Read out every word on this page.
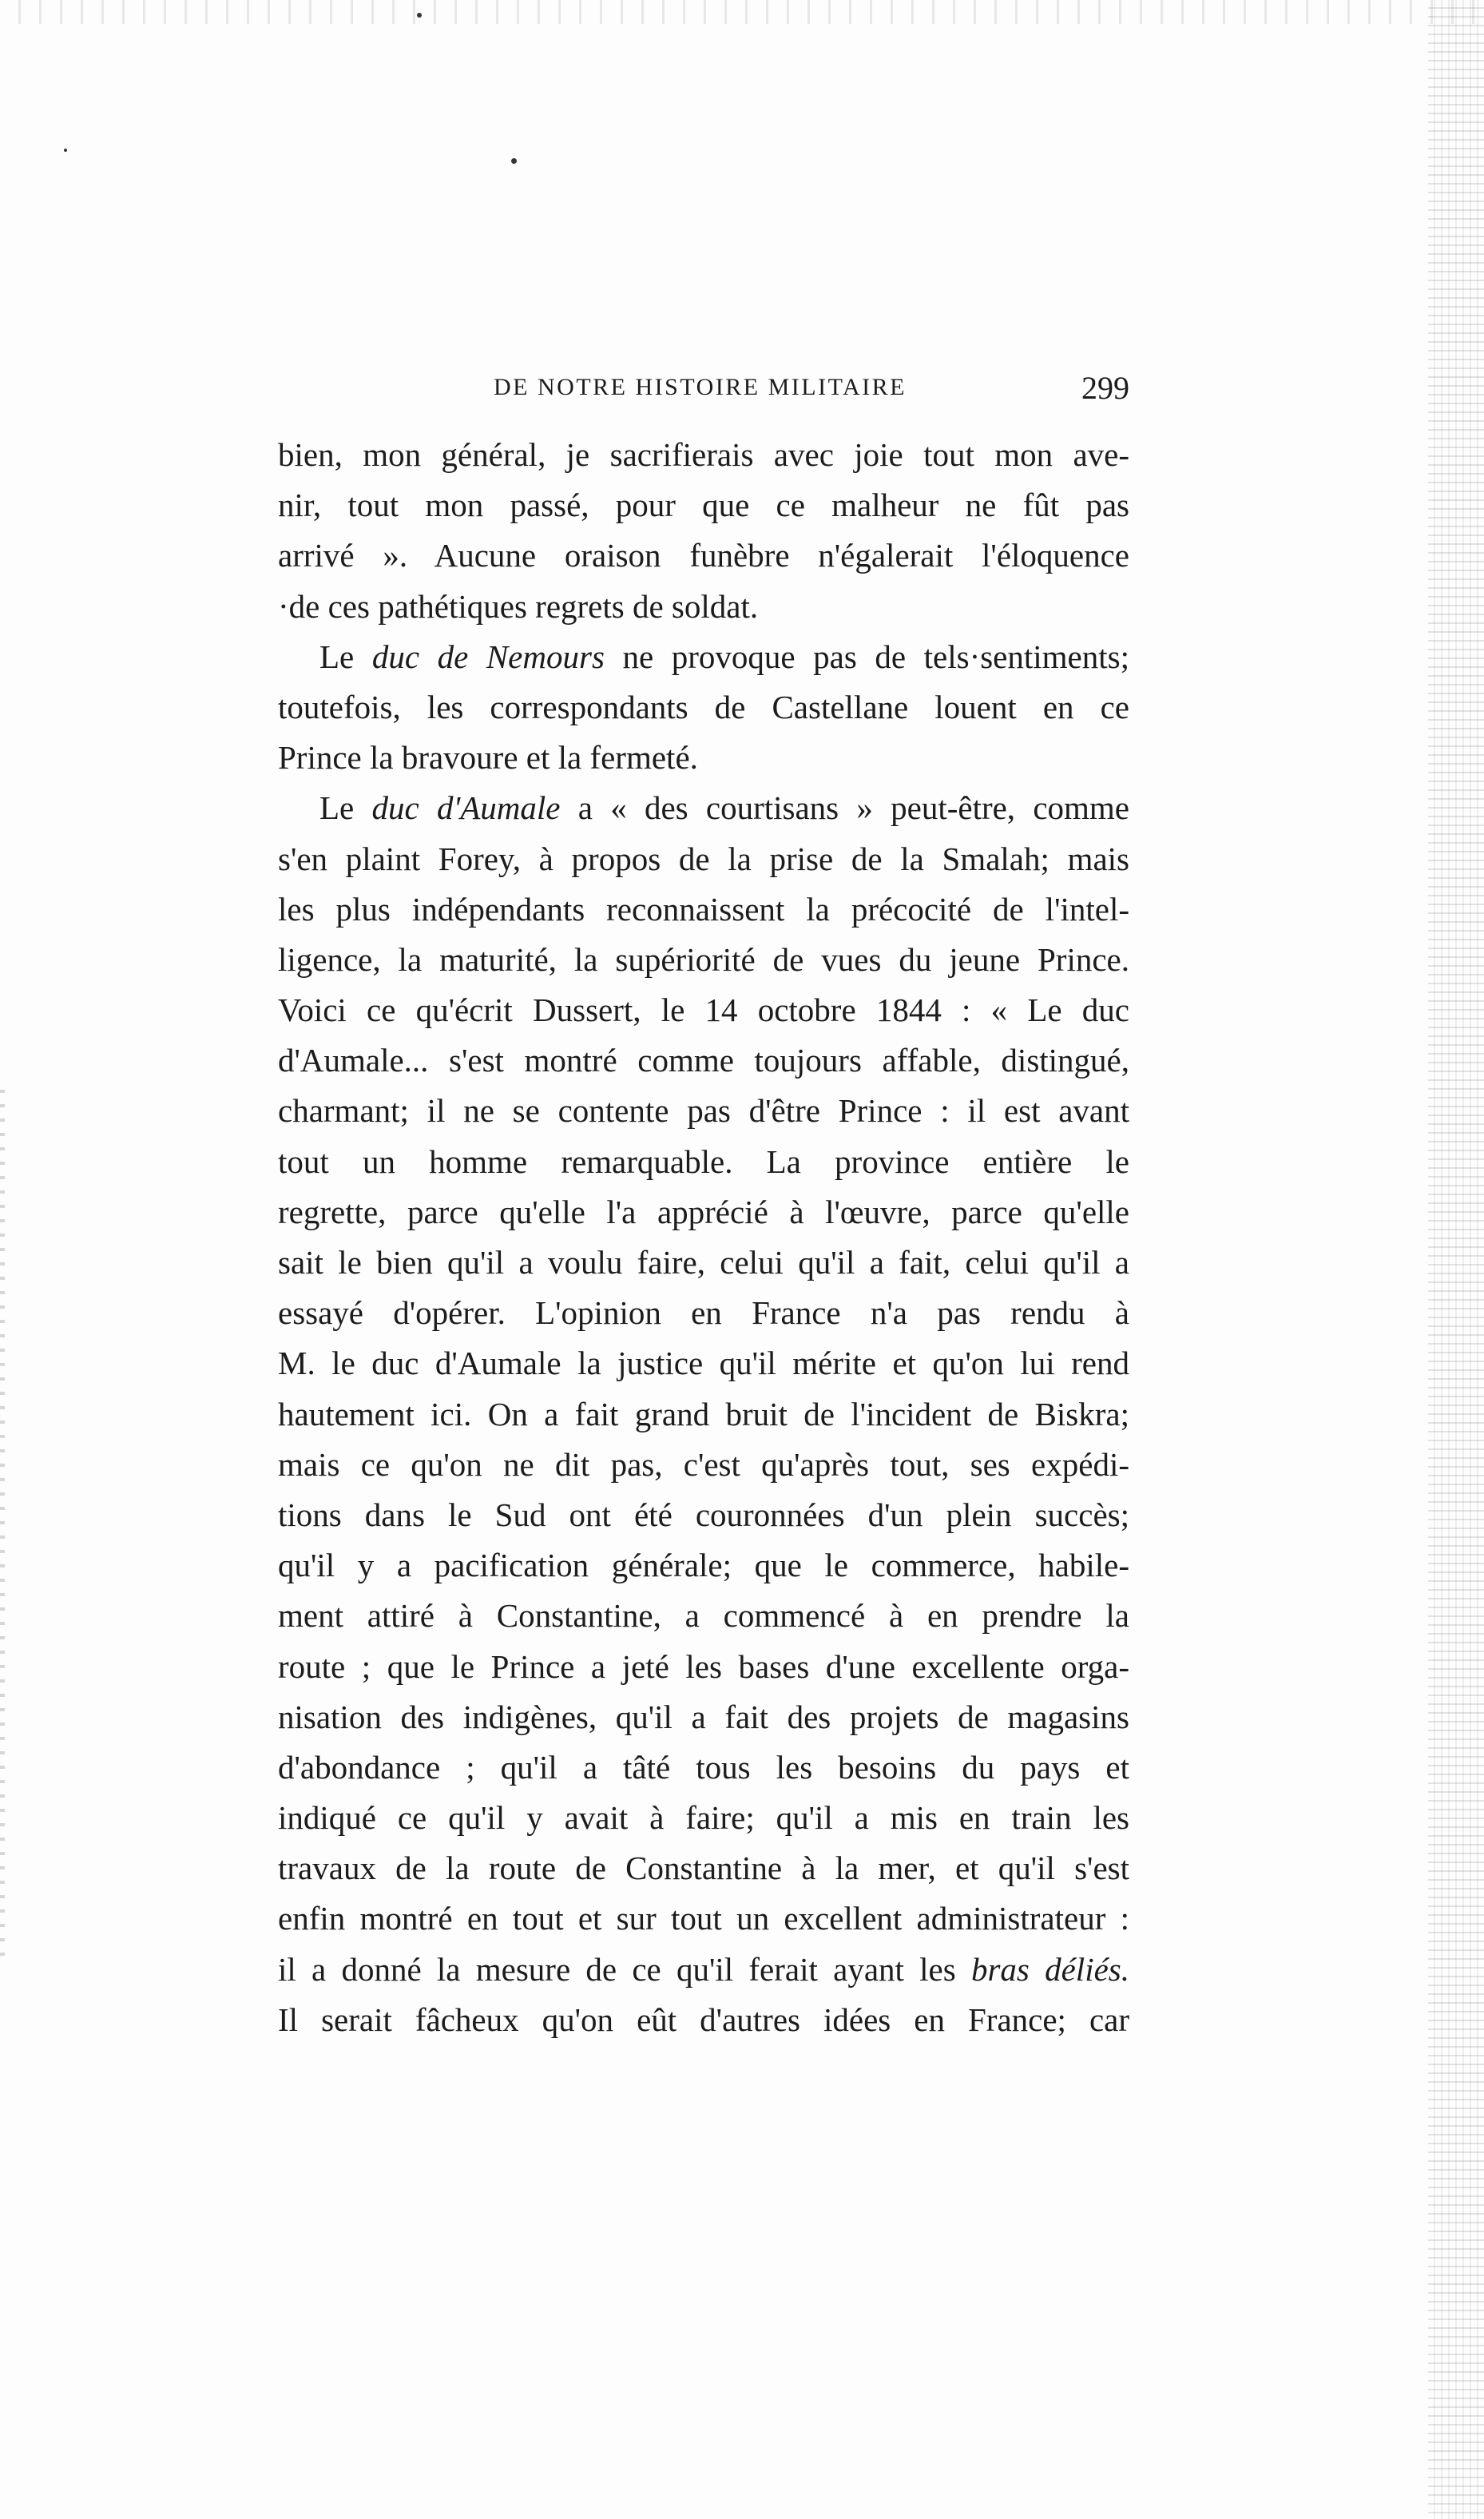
DE NOTRE HISTOIRE MILITAIRE	299
bien, mon général, je sacrifierais avec joie tout mon ave-
nir, tout mon passé, pour que ce malheur ne fût pas
arrivé ». Aucune oraison funèbre n'égalerait l'éloquence
·de ces pathétiques regrets de soldat.
Le duc de Nemours ne provoque pas de tels·sentiments;
toutefois, les correspondants de Castellane louent en ce
Prince la bravoure et la fermeté.
Le duc d'Aumale a « des courtisans » peut-être, comme
s'en plaint Forey, à propos de la prise de la Smalah; mais
les plus indépendants reconnaissent la précocité de l'intel-
ligence, la maturité, la supériorité de vues du jeune Prince.
Voici ce qu'écrit Dussert, le 14 octobre 1844 : « Le duc
d'Aumale... s'est montré comme toujours affable, distingué,
charmant; il ne se contente pas d'être Prince : il est avant
tout un homme remarquable. La province entière le
regrette, parce qu'elle l'a apprécié à l'œuvre, parce qu'elle
sait le bien qu'il a voulu faire, celui qu'il a fait, celui qu'il a
essayé d'opérer. L'opinion en France n'a pas rendu à
M. le duc d'Aumale la justice qu'il mérite et qu'on lui rend
hautement ici. On a fait grand bruit de l'incident de Biskra;
mais ce qu'on ne dit pas, c'est qu'après tout, ses expédi-
tions dans le Sud ont été couronnées d'un plein succès;
qu'il y a pacification générale; que le commerce, habile-
ment attiré à Constantine, a commencé à en prendre la
route ; que le Prince a jeté les bases d'une excellente orga-
nisation des indigènes, qu'il a fait des projets de magasins
d'abondance ; qu'il a tâté tous les besoins du pays et
indiqué ce qu'il y avait à faire; qu'il a mis en train les
travaux de la route de Constantine à la mer, et qu'il s'est
enfin montré en tout et sur tout un excellent administrateur :
il a donné la mesure de ce qu'il ferait ayant les bras déliés.
Il serait fâcheux qu'on eût d'autres idées en France; car
